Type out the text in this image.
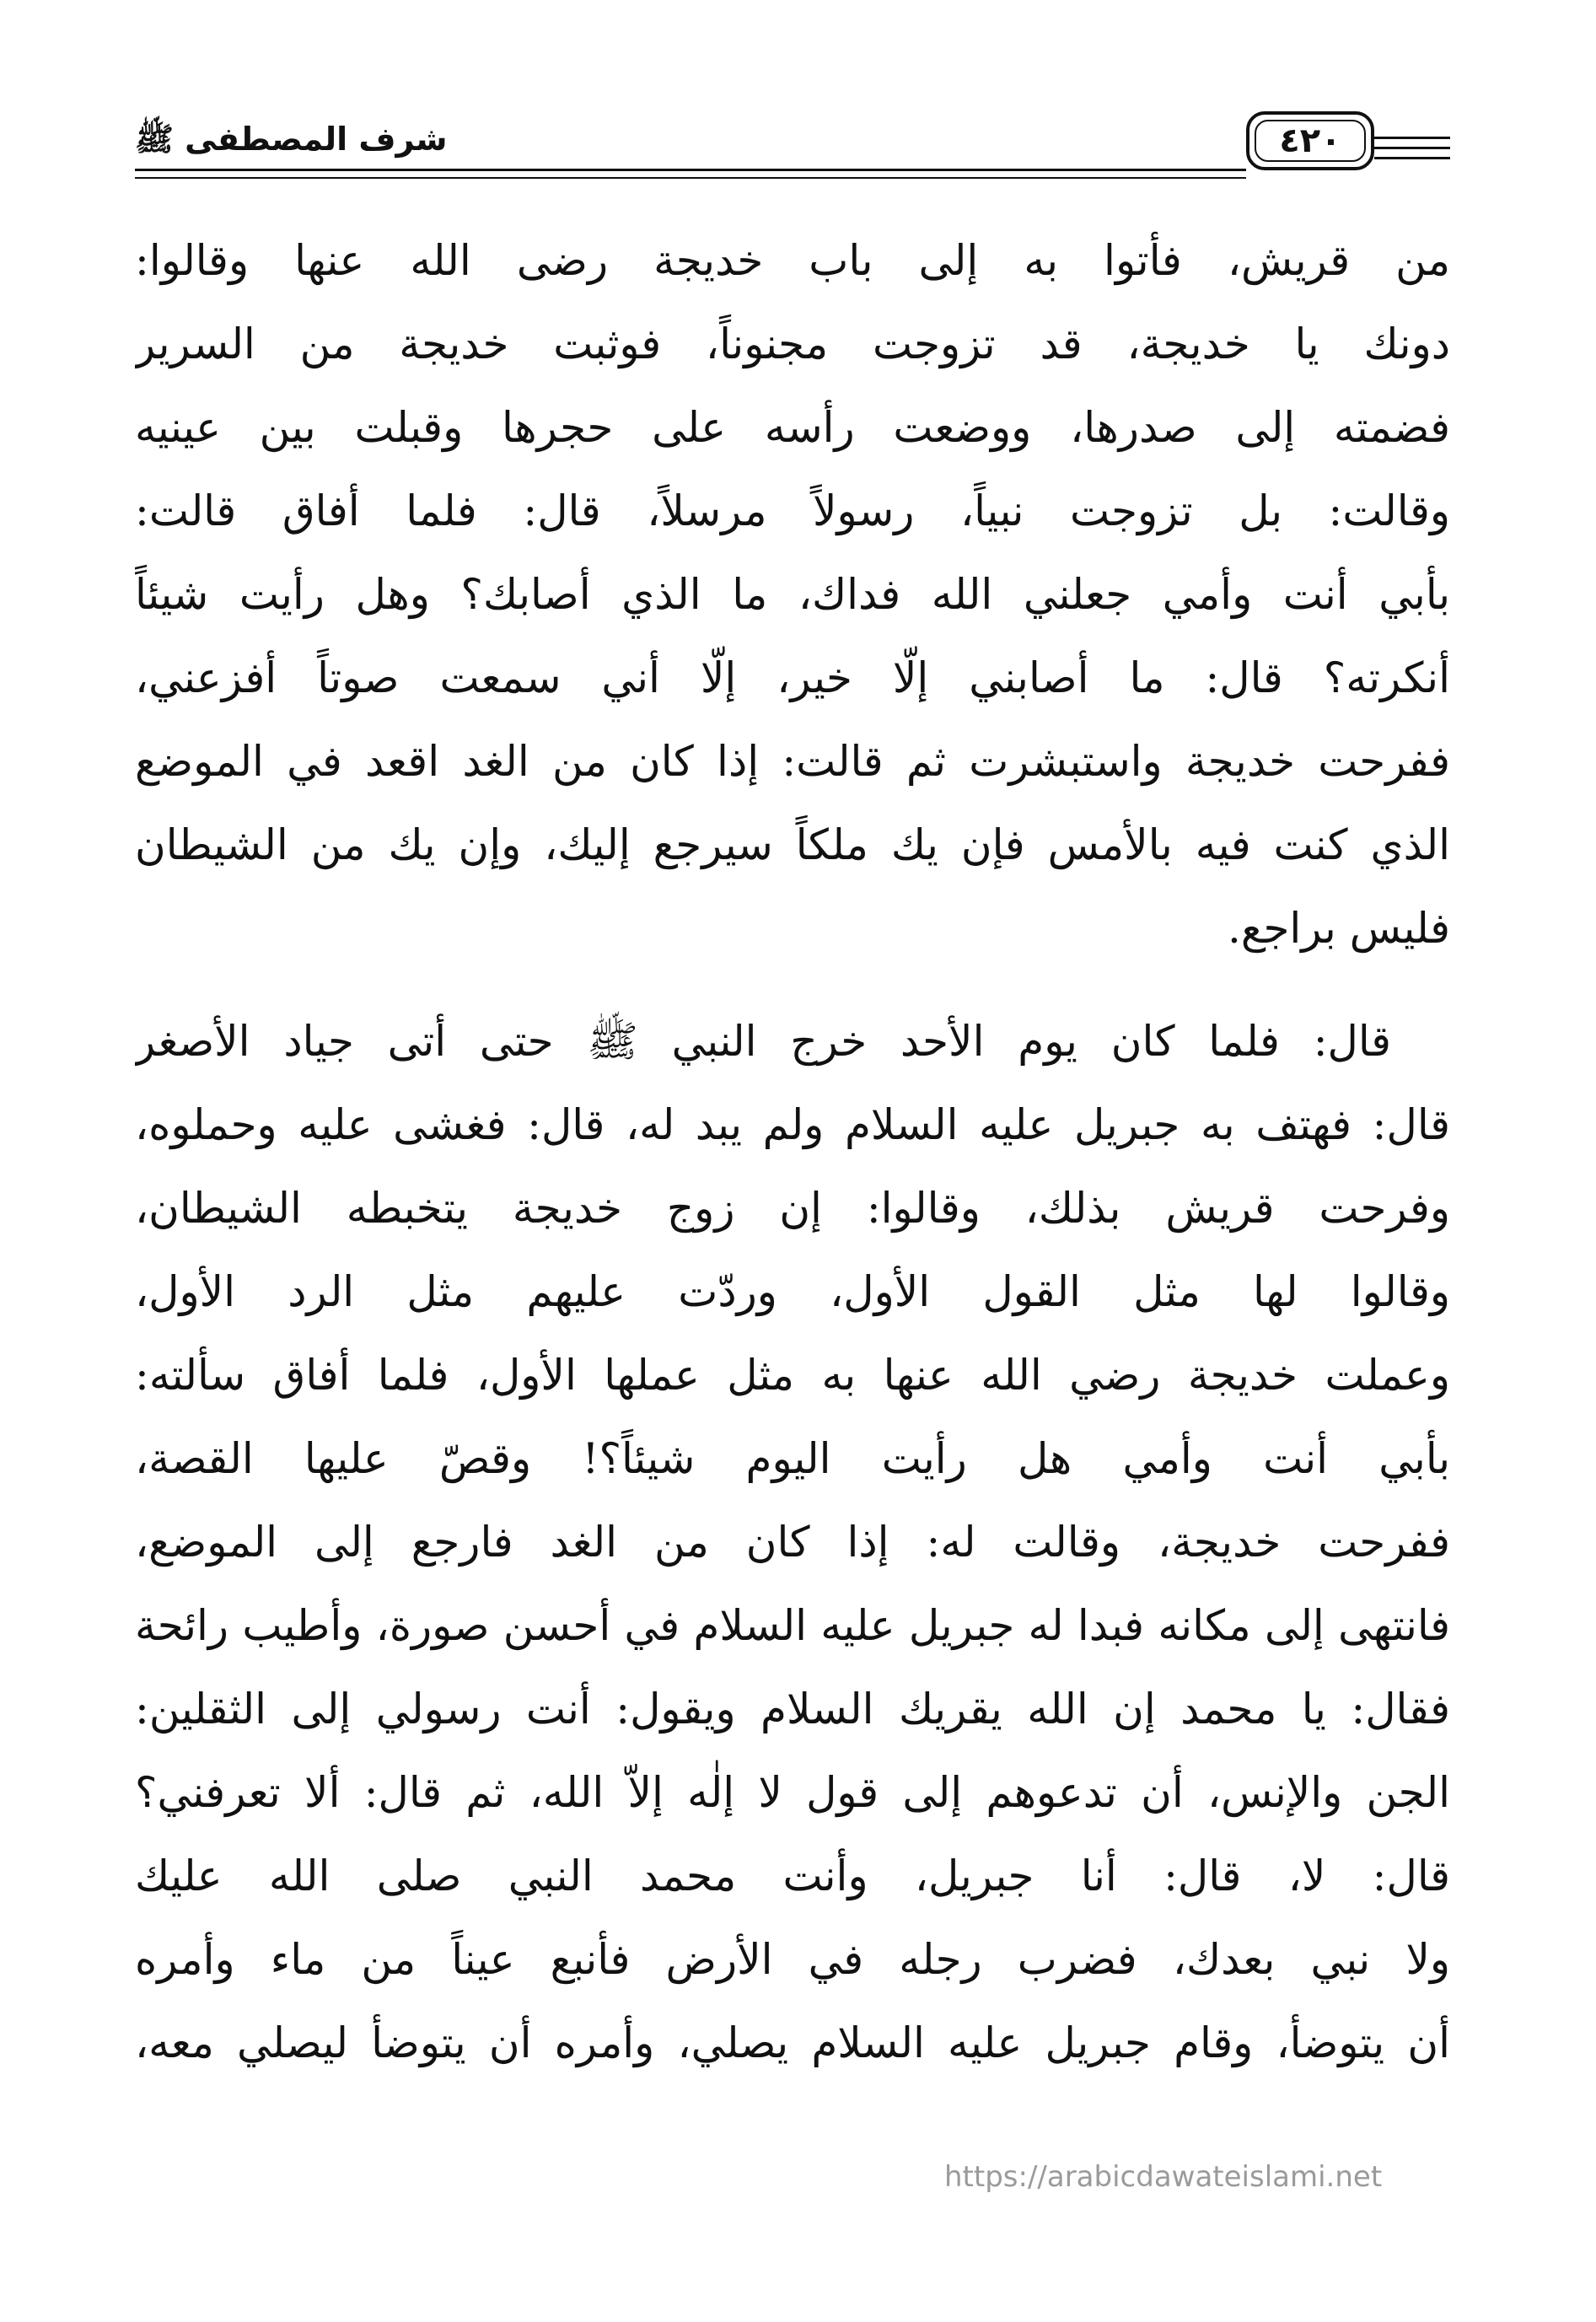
شرف المصطفى ﷺ	٤٢٠
من قريش، فأتوا به إلى باب خديجة رضى الله عنها وقالوا:
دونك يا خديجة، قد تزوجت مجنوناً، فوثبت خديجة من السرير
فضمته إلى صدرها، ووضعت رأسه على حجرها وقبلت بين عينيه
وقالت: بل تزوجت نبياً، رسولاً مرسلاً، قال: فلما أفاق قالت:
بأبي أنت وأمي جعلني الله فداك، ما الذي أصابك؟ وهل رأيت شيئاً
أنكرته؟ قال: ما أصابني إلّا خير، إلّا أني سمعت صوتاً أفزعني،
ففرحت خديجة واستبشرت ثم قالت: إذا كان من الغد اقعد في الموضع
الذي كنت فيه بالأمس فإن يك ملكاً سيرجع إليك، وإن يك من الشيطان
فليس براجع.
قال: فلما كان يوم الأحد خرج النبي ﷺ حتى أتى جياد الأصغر
قال: فهتف به جبريل عليه السلام ولم يبد له، قال: فغشى عليه وحملوه،
وفرحت قريش بذلك، وقالوا: إن زوج خديجة يتخبطه الشيطان،
وقالوا لها مثل القول الأول، وردّت عليهم مثل الرد الأول،
وعملت خديجة رضي الله عنها به مثل عملها الأول، فلما أفاق سألته:
بأبي أنت وأمي هل رأيت اليوم شيئاً؟! وقصّ عليها القصة،
ففرحت خديجة، وقالت له: إذا كان من الغد فارجع إلى الموضع،
فانتهى إلى مكانه فبدا له جبريل عليه السلام في أحسن صورة، وأطيب رائحة
فقال: يا محمد إن الله يقريك السلام ويقول: أنت رسولي إلى الثقلين:
الجن والإنس، أن تدعوهم إلى قول لا إلٰه إلاّ الله، ثم قال: ألا تعرفني؟
قال: لا، قال: أنا جبريل، وأنت محمد النبي صلى الله عليك
ولا نبي بعدك، فضرب رجله في الأرض فأنبع عيناً من ماء وأمره
أن يتوضأ، وقام جبريل عليه السلام يصلي، وأمره أن يتوضأ ليصلي معه،
https://arabicdawateislami.net
